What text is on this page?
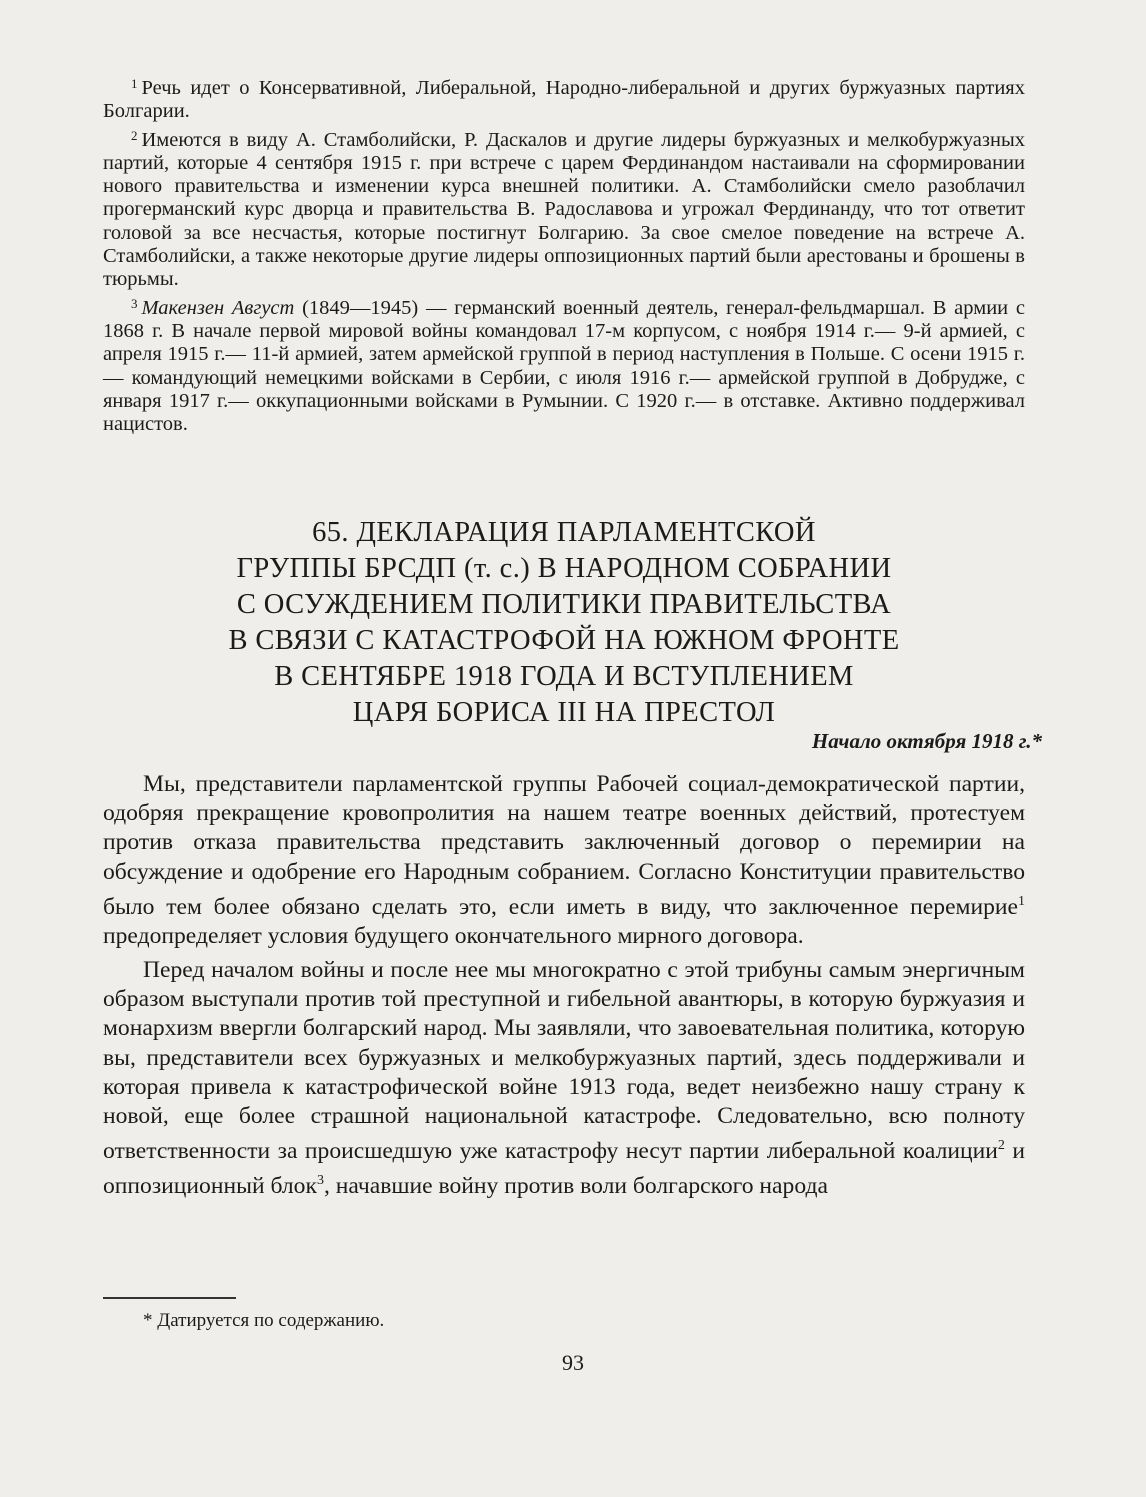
$^1$ Речь идет о Консервативной, Либеральной, Народно-либеральной и других буржуазных партиях Болгарии.

$^2$ Имеются в виду А. Стамболийски, Р. Даскалов и другие лидеры буржуазных и мелкобуржуазных партий, которые 4 сентября 1915 г. при встрече с царем Фердинандом настаивали на сформировании нового правительства и изменении курса внешней политики. А. Стамболийски смело разоблачил прогерманский курс дворца и правительства В. Радославова и угрожал Фердинанду, что тот ответит головой за все несчастья, которые постигнут Болгарию. За свое смелое поведение на встрече А. Стамболийски, а также некоторые другие лидеры оппозиционных партий были арестованы и брошены в тюрьмы.

$^3$ Макензен Август (1849—1945) — германский военный деятель, генерал-фельдмаршал. В армии с 1868 г. В начале первой мировой войны командовал 17-м корпусом, с ноября 1914 г.— 9-й армией, с апреля 1915 г.— 11-й армией, затем армейской группой в период наступления в Польше. С осени 1915 г.— командующий немецкими войсками в Сербии, с июля 1916 г.— армейской группой в Добрудже, с января 1917 г.— оккупационными войсками в Румынии. С 1920 г.— в отставке. Активно поддерживал нацистов.

65. ДЕКЛАРАЦИЯ ПАРЛАМЕНТСКОЙ
ГРУППЫ БРСДП (т. с.) В НАРОДНОМ СОБРАНИИ
С ОСУЖДЕНИЕМ ПОЛИТИКИ ПРАВИТЕЛЬСТВА
В СВЯЗИ С КАТАСТРОФОЙ НА ЮЖНОМ ФРОНТЕ
В СЕНТЯБРЕ 1918 ГОДА И ВСТУПЛЕНИЕМ
ЦАРЯ БОРИСА III НА ПРЕСТОЛ
Начало октября 1918 г.*

Мы, представители парламентской группы Рабочей социал-демократической партии, одобряя прекращение кровопролития на нашем театре военных действий, протестуем против отказа правительства представить заключенный договор о перемирии на обсуждение и одобрение его Народным собранием. Согласно Конституции правительство было тем более обязано сделать это, если иметь в виду, что заключенное перемирие$^1$ предопределяет условия будущего окончательного мирного договора.

Перед началом войны и после нее мы многократно с этой трибуны самым энергичным образом выступали против той преступной и гибельной авантюры, в которую буржуазия и монархизм ввергли болгарский народ. Мы заявляли, что завоевательная политика, которую вы, представители всех буржуазных и мелкобуржуазных партий, здесь поддерживали и которая привела к катастрофической войне 1913 года, ведет неизбежно нашу страну к новой, еще более страшной национальной катастрофе. Следовательно, всю полноту ответственности за происшедшую уже катастрофу несут партии либеральной коалиции$^2$ и оппозиционный блок$^3$, начавшие войну против воли болгарского народа

* Датируется по содержанию.
93
